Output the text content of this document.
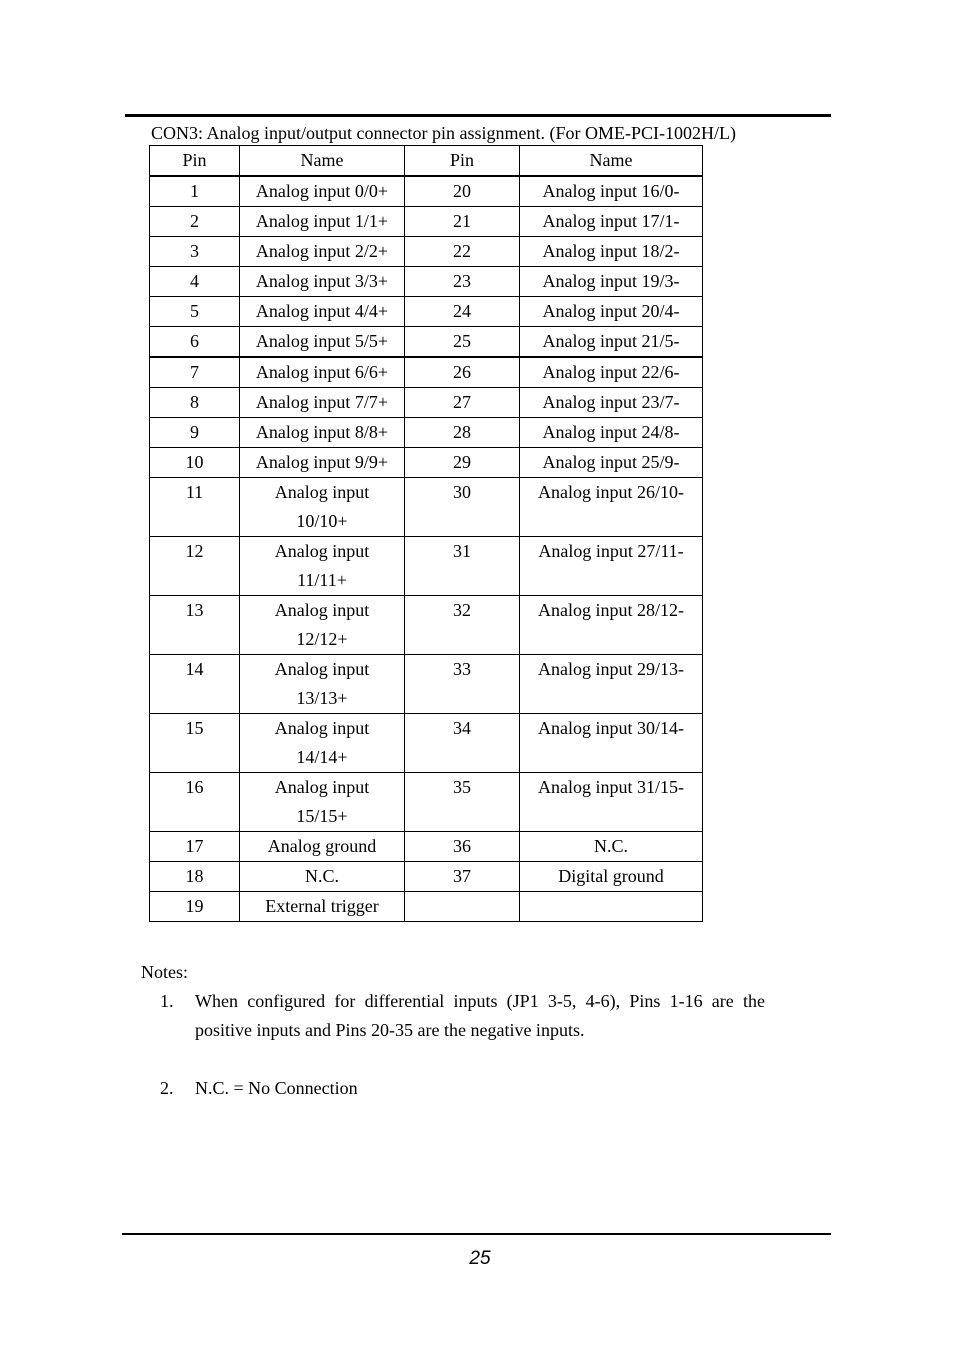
CON3: Analog input/output connector pin assignment. (For OME-PCI-1002H/L)
Pin	Name	Pin	Name
1	Analog input 0/0+	20	Analog input 16/0-
2	Analog input 1/1+	21	Analog input 17/1-
3	Analog input 2/2+	22	Analog input 18/2-
4	Analog input 3/3+	23	Analog input 19/3-
5	Analog input 4/4+	24	Analog input 20/4-
6	Analog input 5/5+	25	Analog input 21/5-
7	Analog input 6/6+	26	Analog input 22/6-
8	Analog input 7/7+	27	Analog input 23/7-
9	Analog input 8/8+	28	Analog input 24/8-
10	Analog input 9/9+	29	Analog input 25/9-
11	Analog input 10/10+	30	Analog input 26/10-
12	Analog input 11/11+	31	Analog input 27/11-
13	Analog input 12/12+	32	Analog input 28/12-
14	Analog input 13/13+	33	Analog input 29/13-
15	Analog input 14/14+	34	Analog input 30/14-
16	Analog input 15/15+	35	Analog input 31/15-
17	Analog ground	36	N.C.
18	N.C.	37	Digital ground
19	External trigger		
Notes:
1. When configured for differential inputs (JP1 3-5, 4-6), Pins 1-16 are the positive inputs and Pins 20-35 are the negative inputs.
2. N.C. = No Connection
25
